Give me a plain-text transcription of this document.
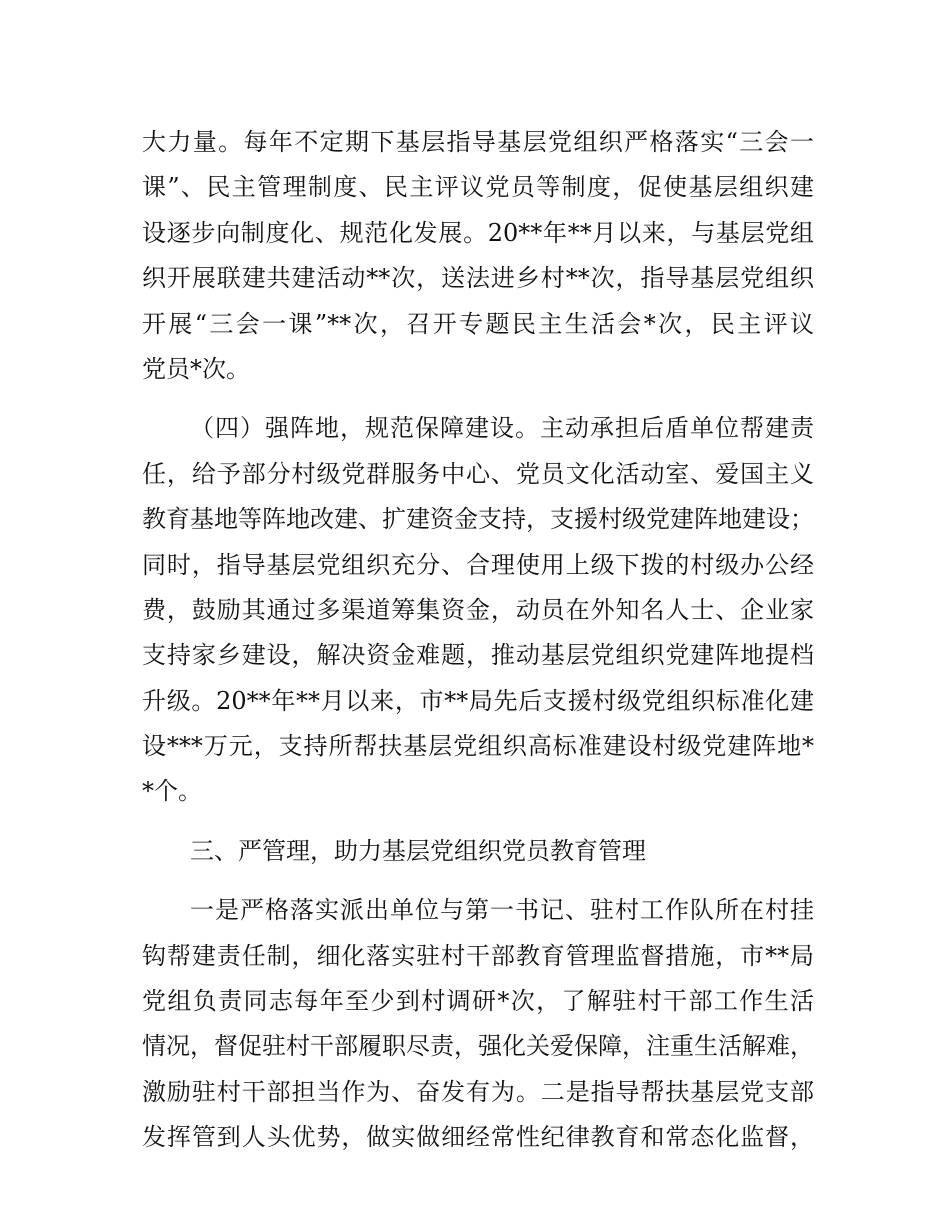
大力量。每年不定期下基层指导基层党组织严格落实“三会一
课”、民主管理制度、民主评议党员等制度，促使基层组织建
设逐步向制度化、规范化发展。20**年**月以来，与基层党组
织开展联建共建活动**次，送法进乡村**次，指导基层党组织
开展“三会一课”**次，召开专题民主生活会*次，民主评议
党员*次。
（四）强阵地，规范保障建设。主动承担后盾单位帮建责
任，给予部分村级党群服务中心、党员文化活动室、爱国主义
教育基地等阵地改建、扩建资金支持，支援村级党建阵地建设；
同时，指导基层党组织充分、合理使用上级下拨的村级办公经
费，鼓励其通过多渠道筹集资金，动员在外知名人士、企业家
支持家乡建设，解决资金难题，推动基层党组织党建阵地提档
升级。20**年**月以来，市**局先后支援村级党组织标准化建
设***万元，支持所帮扶基层党组织高标准建设村级党建阵地*
*个。
三、严管理，助力基层党组织党员教育管理
一是严格落实派出单位与第一书记、驻村工作队所在村挂
钩帮建责任制，细化落实驻村干部教育管理监督措施，市**局
党组负责同志每年至少到村调研*次，了解驻村干部工作生活
情况，督促驻村干部履职尽责，强化关爱保障，注重生活解难，
激励驻村干部担当作为、奋发有为。二是指导帮扶基层党支部
发挥管到人头优势，做实做细经常性纪律教育和常态化监督，
